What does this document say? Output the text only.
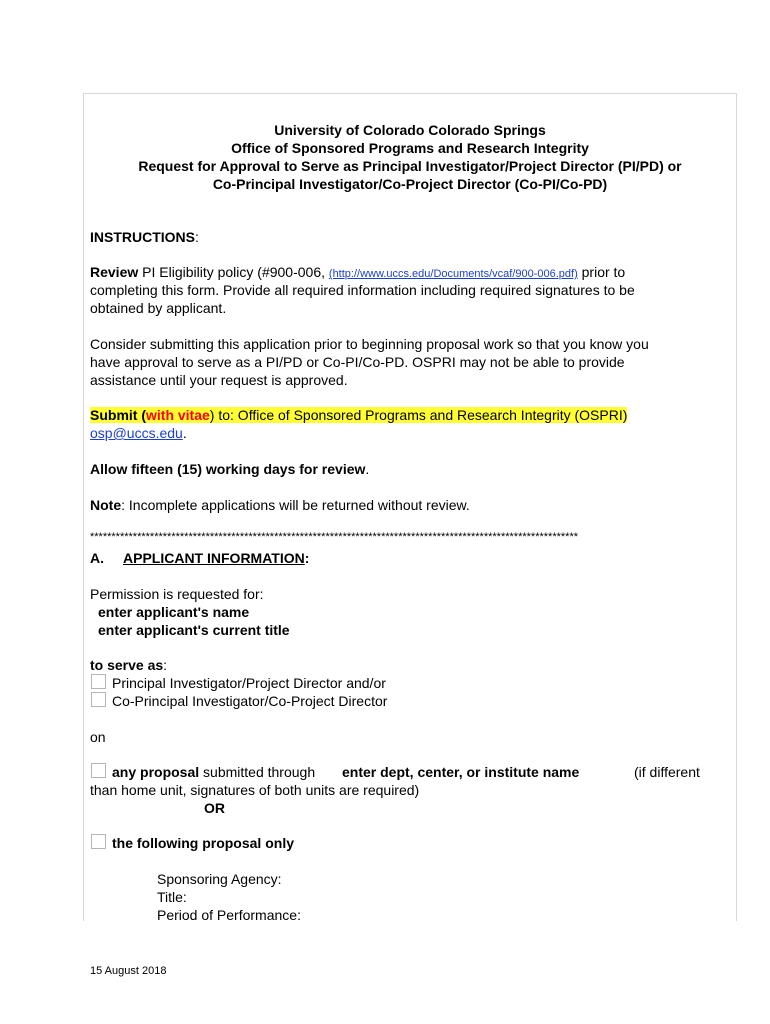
University of Colorado Colorado Springs
Office of Sponsored Programs and Research Integrity
Request for Approval to Serve as Principal Investigator/Project Director (PI/PD) or
Co-Principal Investigator/Co-Project Director (Co-PI/Co-PD)
INSTRUCTIONS:
Review PI Eligibility policy (#900-006, (http://www.uccs.edu/Documents/vcaf/900-006.pdf) prior to
completing this form. Provide all required information including required signatures to be
obtained by applicant.
Consider submitting this application prior to beginning proposal work so that you know you
have approval to serve as a PI/PD or Co-PI/Co-PD. OSPRI may not be able to provide
assistance until your request is approved.
Submit (with vitae) to: Office of Sponsored Programs and Research Integrity (OSPRI)
osp@uccs.edu.
Allow fifteen (15) working days for review.
Note: Incomplete applications will be returned without review.
******************************************************************************************************************
A. APPLICANT INFORMATION:
Permission is requested for:
enter applicant's name
enter applicant's current title
to serve as:
Principal Investigator/Project Director and/or
Co-Principal Investigator/Co-Project Director
on
any proposal submitted through enter dept, center, or institute name	(if different
than home unit, signatures of both units are required)
OR
the following proposal only
Sponsoring Agency:
Title:
Period of Performance:
15 August 2018
